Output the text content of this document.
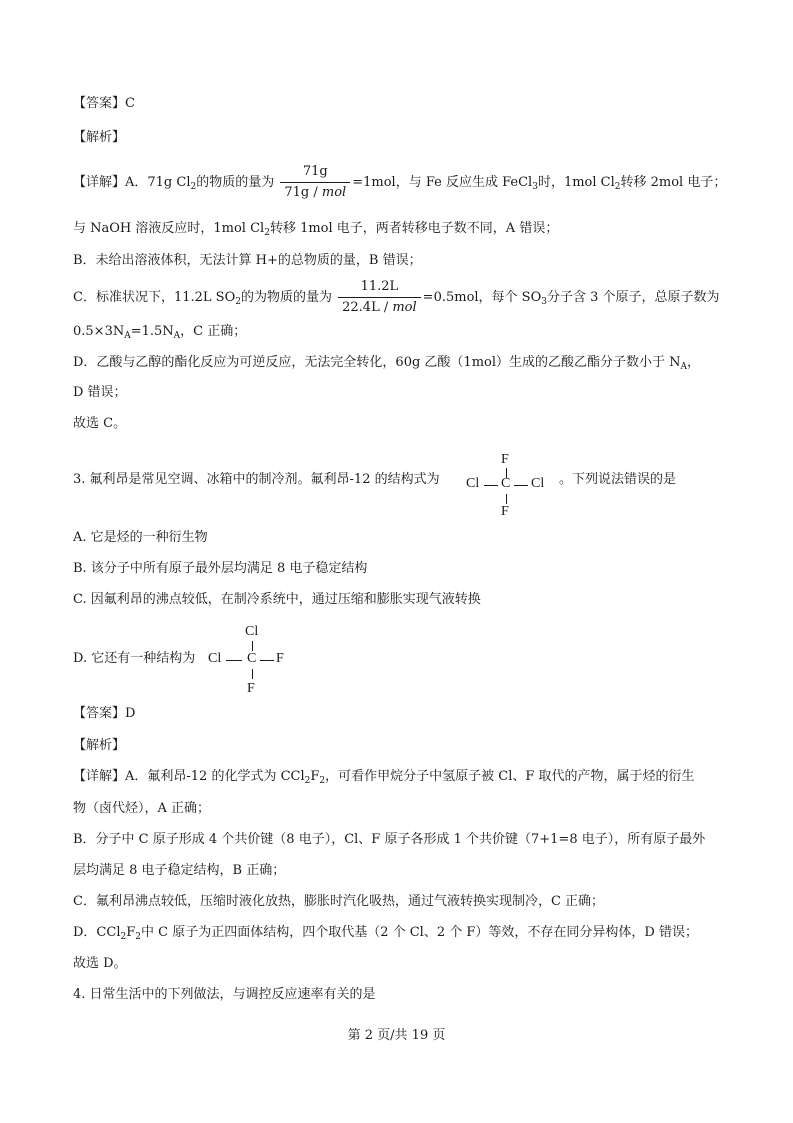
【答案】C
【解析】
【详解】A．71g $Cl_2$的物质的量为 $\frac{71g}{\text{71g / mol}} =1mol$，与 Fe 反应生成 FeCl$_3$时，1mol $Cl_2$转移 2mol 电子；
与 NaOH 溶液反应时，1mol $Cl_2$转移 1mol 电子，两者转移电子数不同，A 错误；
B．未给出溶液体积，无法计算 H+的总物质的量，B 错误；
C．标准状况下，11.2L $SO_2$的为物质的量为 $\frac{11.2L}{\text{22.4L / mol}} =0.5mol$，每个 $SO_3$分子含 3 个原子，总原子数为
$0.5\times 3N_A=1.5N_A$，C 正确；
D．乙酸与乙醇的酯化反应为可逆反应，无法完全转化，60g 乙酸（1mol）生成的乙酸乙酯分子数小于 $N_A$，
D 错误；
故选 C。
3. 氟利昂是常见空调、冰箱中的制冷剂。氟利昂-12 的结构式为
F
Cl C Cl
F
。下列说法错误的是
A. 它是烃的一种衍生物
B. 该分子中所有原子最外层均满足 8 电子稳定结构
C. 因氟利昂的沸点较低，在制冷系统中，通过压缩和膨胀实现气液转换
D. 它还有一种结构为
Cl
Cl C F
F
【答案】D
【解析】
【详解】A．氟利昂-12 的化学式为 $CCl_2F_2$，可看作甲烷分子中氢原子被 Cl、F 取代的产物，属于烃的衍生
物（卤代烃），A 正确；
B．分子中 C 原子形成 4 个共价键（8 电子），Cl、F 原子各形成 1 个共价键（7+1=8 电子），所有原子最外
层均满足 8 电子稳定结构，B 正确；
C．氟利昂沸点较低，压缩时液化放热，膨胀时汽化吸热，通过气液转换实现制冷，C 正确；
D．$CCl_2F_2$中 C 原子为正四面体结构，四个取代基（2 个 Cl、2 个 F）等效，不存在同分异构体，D 错误；
故选 D。
4. 日常生活中的下列做法，与调控反应速率有关的是
第 2 页/共 19 页
